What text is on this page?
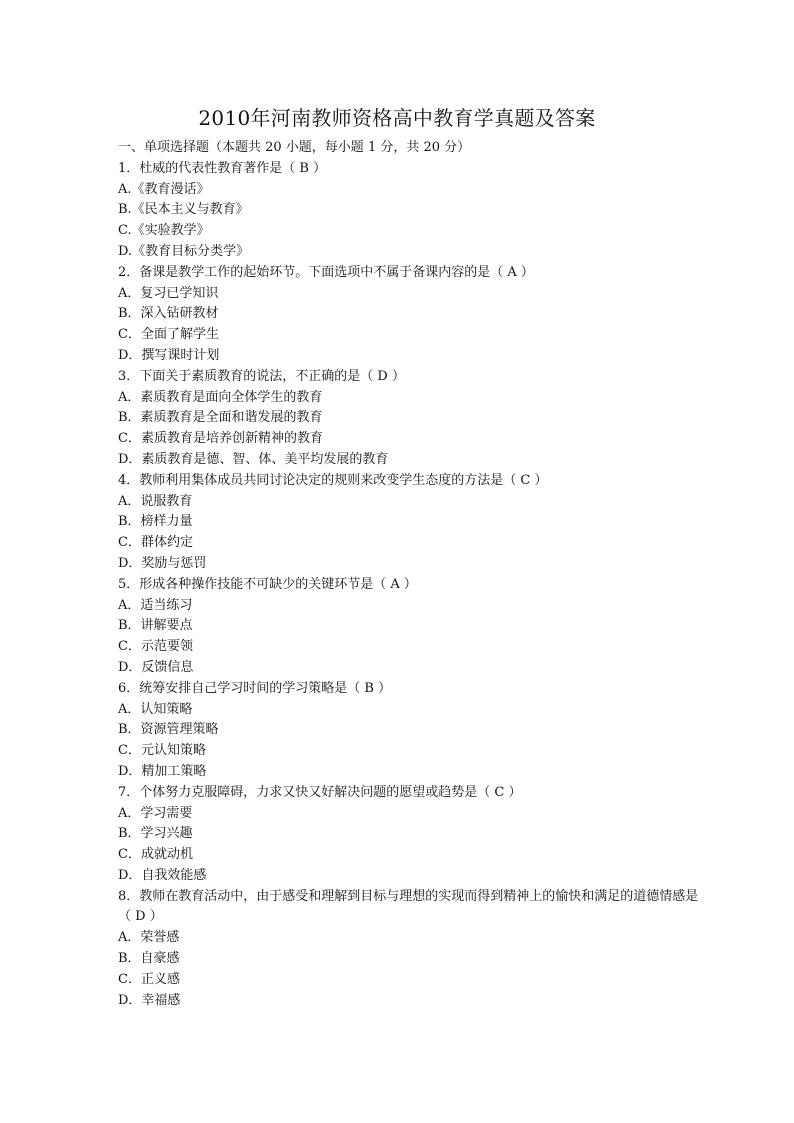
2010年河南教师资格高中教育学真题及答案
一、单项选择题（本题共 20 小题，每小题 1 分，共 20 分）
1．杜威的代表性教育著作是（ B ）
A.《教育漫话》
B.《民本主义与教育》
C.《实验教学》
D.《教育目标分类学》
2．备课是教学工作的起始环节。下面选项中不属于备课内容的是（ A ）
A．复习已学知识
B．深入钻研教材
C．全面了解学生
D．撰写课时计划
3．下面关于素质教育的说法，不正确的是（ D ）
A．素质教育是面向全体学生的教育
B．素质教育是全面和谐发展的教育
C．素质教育是培养创新精神的教育
D．素质教育是德、智、体、美平均发展的教育
4．教师利用集体成员共同讨论决定的规则来改变学生态度的方法是（ C ）
A．说服教育
B．榜样力量
C．群体约定
D．奖励与惩罚
5．形成各种操作技能不可缺少的关键环节是（ A ）
A．适当练习
B．讲解要点
C．示范要领
D．反馈信息
6．统筹安排自己学习时间的学习策略是（ B ）
A．认知策略
B．资源管理策略
C．元认知策略
D．精加工策略
7．个体努力克服障碍，力求又快又好解决问题的愿望或趋势是（ C ）
A．学习需要
B．学习兴趣
C．成就动机
D．自我效能感
8．教师在教育活动中，由于感受和理解到目标与理想的实现而得到精神上的愉快和满足的道德情感是（ D ）
A．荣誉感
B．自豪感
C．正义感
D．幸福感
